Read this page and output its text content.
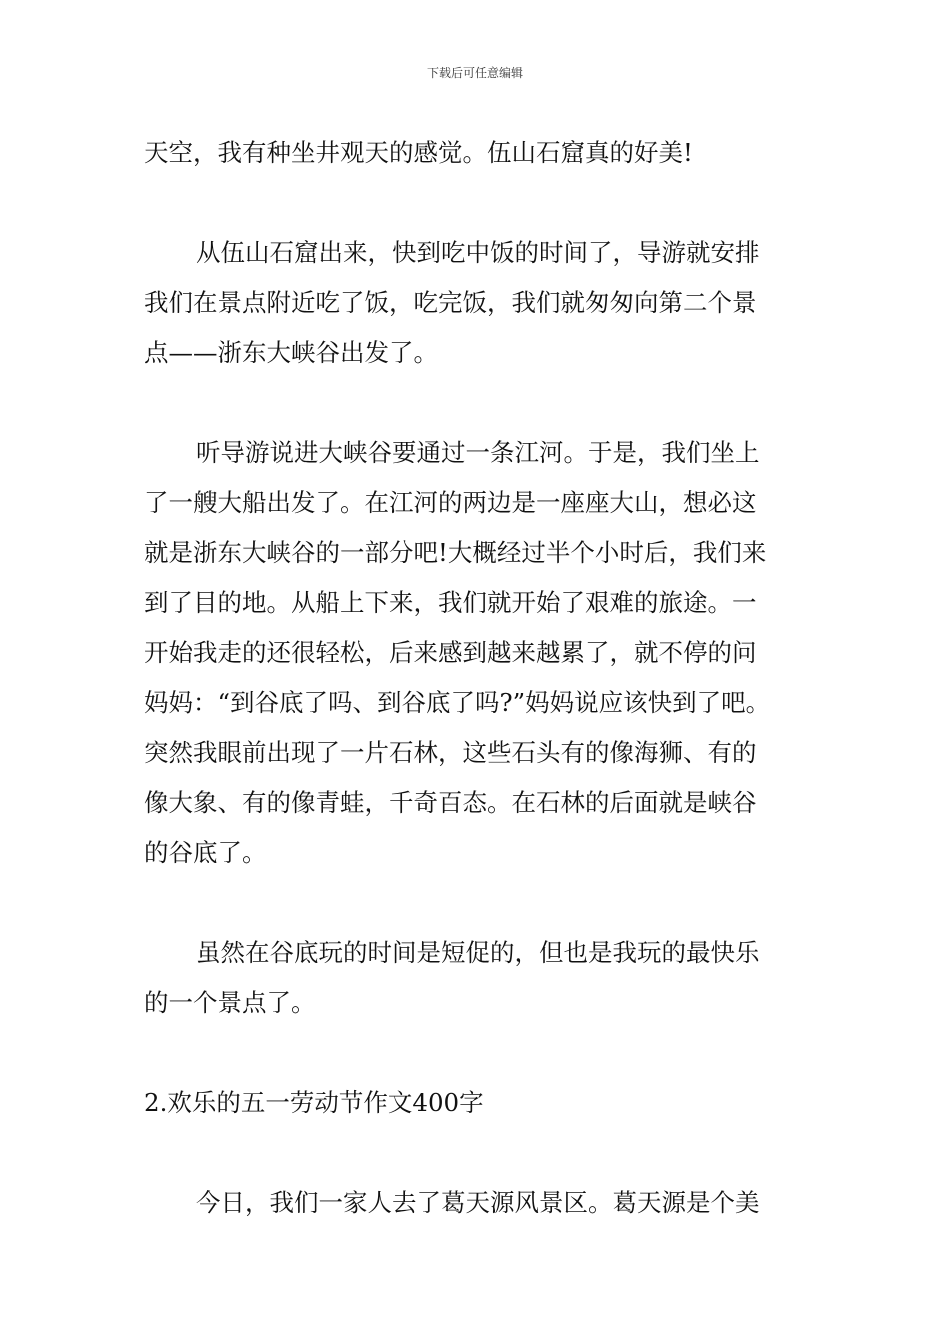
下载后可任意编辑
天空，我有种坐井观天的感觉。伍山石窟真的好美!
从伍山石窟出来，快到吃中饭的时间了，导游就安排
我们在景点附近吃了饭，吃完饭，我们就匆匆向第二个景
点——浙东大峡谷出发了。
听导游说进大峡谷要通过一条江河。于是，我们坐上
了一艘大船出发了。在江河的两边是一座座大山，想必这
就是浙东大峡谷的一部分吧!大概经过半个小时后，我们来
到了目的地。从船上下来，我们就开始了艰难的旅途。一
开始我走的还很轻松，后来感到越来越累了，就不停的问
妈妈：“到谷底了吗、到谷底了吗?”妈妈说应该快到了吧。
突然我眼前出现了一片石林，这些石头有的像海狮、有的
像大象、有的像青蛙，千奇百态。在石林的后面就是峡谷
的谷底了。
虽然在谷底玩的时间是短促的，但也是我玩的最快乐
的一个景点了。
2.欢乐的五一劳动节作文400字
今日，我们一家人去了葛天源风景区。葛天源是个美
